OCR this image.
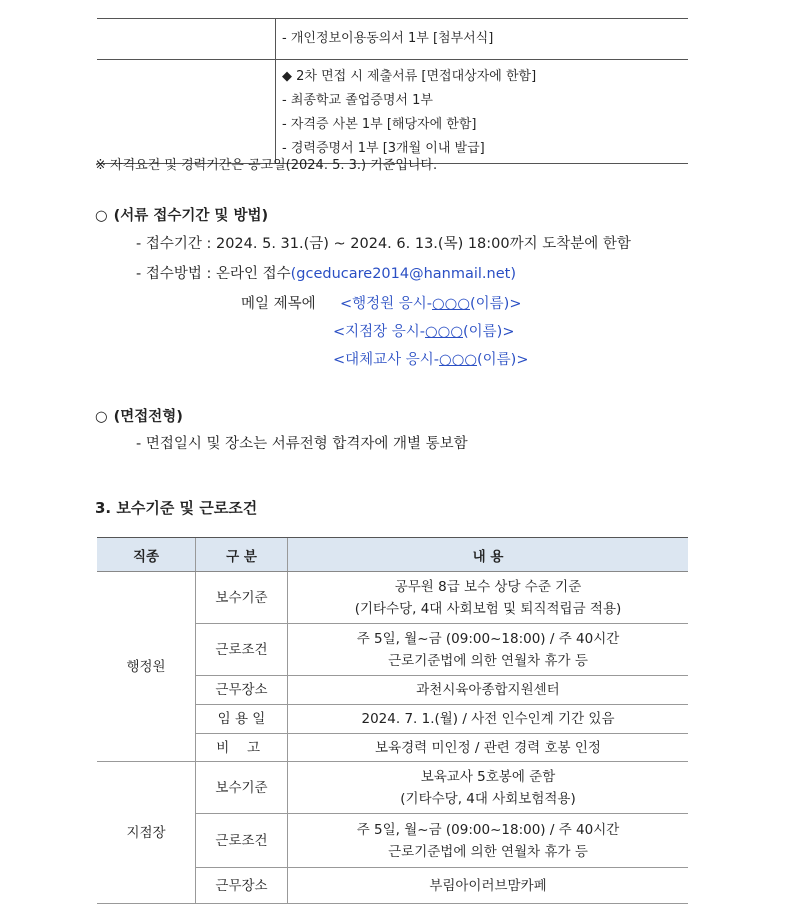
	- 개인정보이용동의서 1부 [첨부서식]

	◆ 2차 면접 시 제출서류 [면접대상자에 한함]
- 최종학교 졸업증명서 1부
- 자격증 사본 1부 [해당자에 한함]
- 경력증명서 1부 [3개월 이내 발급]
※ 자격요건 및 경력기간은 공고일(2024. 5. 3.) 기준입니다.
○ (서류 접수기간 및 방법)
- 접수기간 : 2024. 5. 31.(금) ~ 2024. 6. 13.(목) 18:00까지 도착분에 한함
- 접수방법 : 온라인 접수(gceducare2014@hanmail.net)
메일 제목에 <행정원 응시-○○○(이름)>
<지점장 응시-○○○(이름)>
<대체교사 응시-○○○(이름)>
○ (면접전형)
- 면접일시 및 장소는 서류전형 합격자에 개별 통보함
3. 보수기준 및 근로조건
직종	구 분	내 용
행정원	보수기준	공무원 8급 보수 상당 수준 기준
(기타수당, 4대 사회보험 및 퇴직적립금 적용)

	근로조건	주 5일, 월~금 (09:00~18:00) / 주 40시간
근로기준법에 의한 연월차 휴가 등

	근무장소	과천시육아종합지원센터
	임 용 일	2024. 7. 1.(월) / 사전 인수인계 기간 있음
	비 고	보육경력 미인정 / 관련 경력 호봉 인정
지점장	보수기준	보육교사 5호봉에 준함
(기타수당, 4대 사회보험적용)

	근로조건	주 5일, 월~금 (09:00~18:00) / 주 40시간
근로기준법에 의한 연월차 휴가 등

	근무장소	부림아이러브맘카페
